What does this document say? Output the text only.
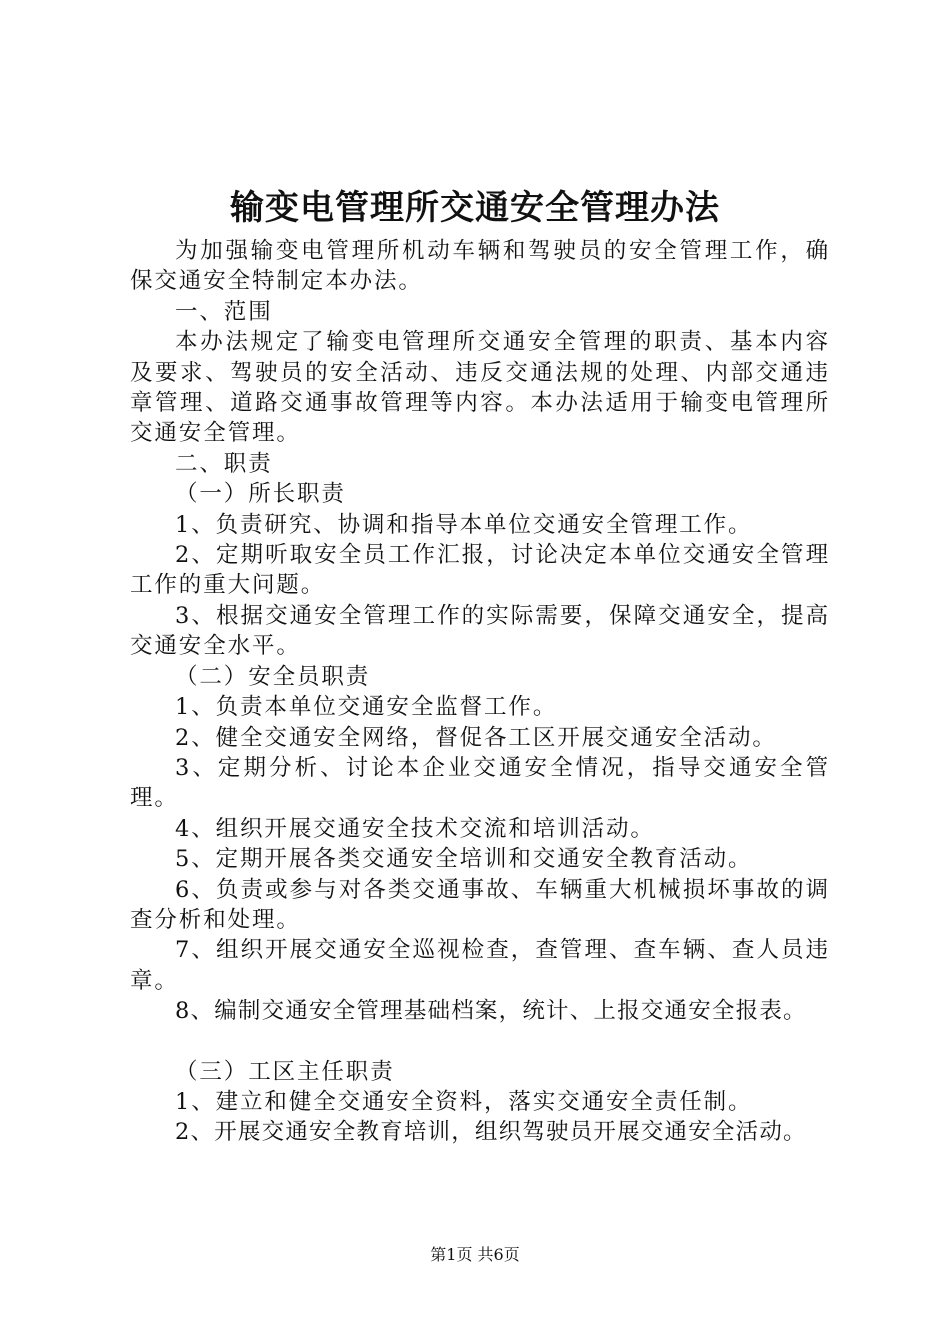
输变电管理所交通安全管理办法

为加强输变电管理所机动车辆和驾驶员的安全管理工作，确保交通安全特制定本办法。

一、范围

本办法规定了输变电管理所交通安全管理的职责、基本内容及要求、驾驶员的安全活动、违反交通法规的处理、内部交通违章管理、道路交通事故管理等内容。本办法适用于输变电管理所交通安全管理。

二、职责

（一）所长职责

1、负责研究、协调和指导本单位交通安全管理工作。

2、定期听取安全员工作汇报，讨论决定本单位交通安全管理工作的重大问题。

3、根据交通安全管理工作的实际需要，保障交通安全，提高交通安全水平。

（二）安全员职责

1、负责本单位交通安全监督工作。

2、健全交通安全网络，督促各工区开展交通安全活动。

3、定期分析、讨论本企业交通安全情况，指导交通安全管理。

4、组织开展交通安全技术交流和培训活动。

5、定期开展各类交通安全培训和交通安全教育活动。

6、负责或参与对各类交通事故、车辆重大机械损坏事故的调查分析和处理。

7、组织开展交通安全巡视检查，查管理、查车辆、查人员违章。

8、编制交通安全管理基础档案，统计、上报交通安全报表。

（三）工区主任职责

1、建立和健全交通安全资料，落实交通安全责任制。

2、开展交通安全教育培训，组织驾驶员开展交通安全活动。

第1页 共6页
